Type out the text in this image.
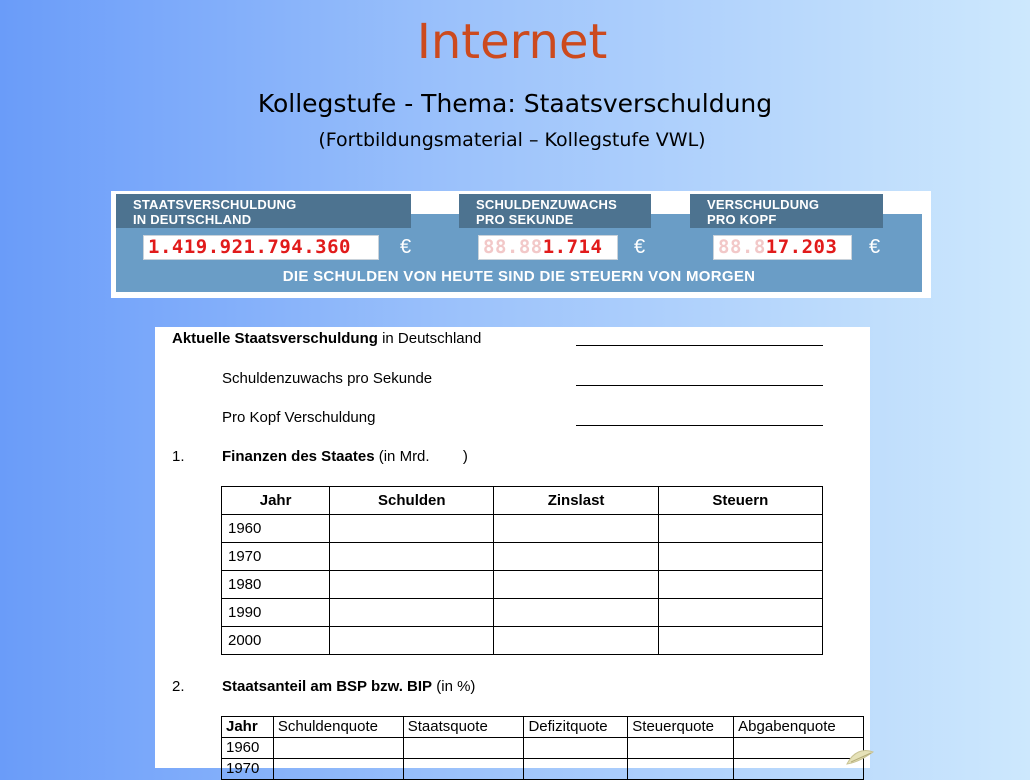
Internet
Kollegstufe - Thema: Staatsverschuldung
(Fortbildungsmaterial – Kollegstufe VWL)
STAATSVERSCHULDUNG
IN DEUTSCHLAND
SCHULDENZUWACHS
PRO SEKUNDE
VERSCHULDUNG
PRO KOPF
1.419.921.794.360	€	88.881.714	€	88.817.203	€
DIE SCHULDEN VON HEUTE SIND DIE STEUERN VON MORGEN
Aktuelle Staatsverschuldung in Deutschland
Schuldenzuwachs pro Sekunde
Pro Kopf Verschuldung
1. Finanzen des Staates (in Mrd.        )
Jahr	Schulden	Zinslast	Steuern
1960			
1970			
1980			
1990			
2000			
2. Staatsanteil am BSP bzw. BIP (in %)
Jahr	Schuldenquote	Staatsquote	Defizitquote	Steuerquote	Abgabenquote
1960					
1970					
